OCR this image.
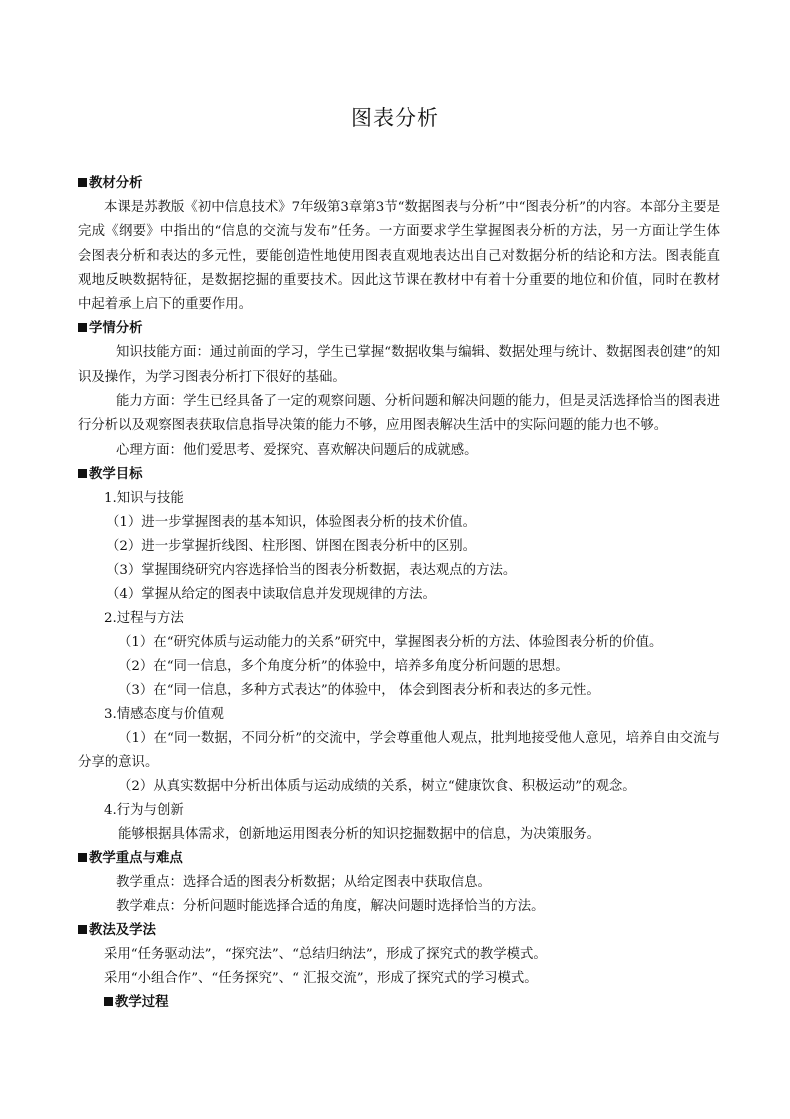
图表分析
教材分析
本课是苏教版《初中信息技术》7年级第3章第3节“数据图表与分析”中“图表分析”的内容。本部分主要是完成《纲要》中指出的“信息的交流与发布”任务。一方面要求学生掌握图表分析的方法，另一方面让学生体会图表分析和表达的多元性，要能创造性地使用图表直观地表达出自己对数据分析的结论和方法。图表能直观地反映数据特征，是数据挖掘的重要技术。因此这节课在教材中有着十分重要的地位和价值，同时在教材中起着承上启下的重要作用。
学情分析
知识技能方面：通过前面的学习，学生已掌握“数据收集与编辑、数据处理与统计、数据图表创建”的知识及操作，为学习图表分析打下很好的基础。
能力方面：学生已经具备了一定的观察问题、分析问题和解决问题的能力，但是灵活选择恰当的图表进行分析以及观察图表获取信息指导决策的能力不够，应用图表解决生活中的实际问题的能力也不够。
心理方面：他们爱思考、爱探究、喜欢解决问题后的成就感。
教学目标
1.知识与技能
（1）进一步掌握图表的基本知识，体验图表分析的技术价值。
（2）进一步掌握折线图、柱形图、饼图在图表分析中的区别。
（3）掌握围绕研究内容选择恰当的图表分析数据，表达观点的方法。
（4）掌握从给定的图表中读取信息并发现规律的方法。
2.过程与方法
（1）在“研究体质与运动能力的关系”研究中，掌握图表分析的方法、体验图表分析的价值。
（2）在“同一信息，多个角度分析”的体验中，培养多角度分析问题的思想。
（3）在“同一信息，多种方式表达”的体验中， 体会到图表分析和表达的多元性。
3.情感态度与价值观
（1）在“同一数据，不同分析”的交流中，学会尊重他人观点，批判地接受他人意见，培养自由交流与分享的意识。
（2）从真实数据中分析出体质与运动成绩的关系，树立“健康饮食、积极运动”的观念。
4.行为与创新
能够根据具体需求，创新地运用图表分析的知识挖掘数据中的信息，为决策服务。
教学重点与难点
教学重点：选择合适的图表分析数据；从给定图表中获取信息。
教学难点：分析问题时能选择合适的角度，解决问题时选择恰当的方法。
教法及学法
采用“任务驱动法”，“探究法”、“总结归纳法”，形成了探究式的教学模式。
采用“小组合作”、“任务探究”、“ 汇报交流”，形成了探究式的学习模式。
教学过程
